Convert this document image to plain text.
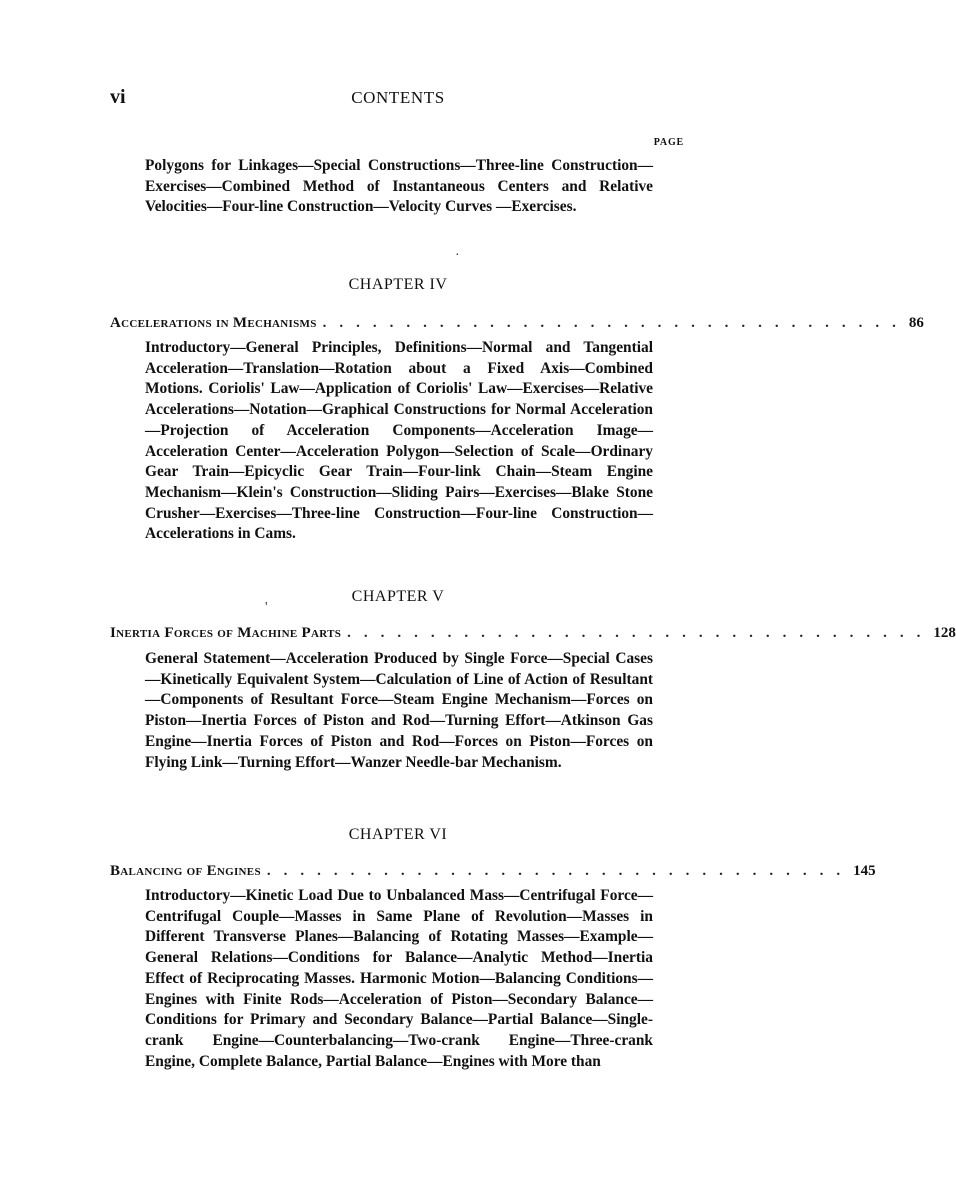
vi	CONTENTS
PAGE
Polygons for Linkages—Special Constructions—Three-line Construction—Exercises—Combined Method of Instantaneous Centers and Relative Velocities—Four-line Construction—Velocity Curves —Exercises.
·
CHAPTER IV
Accelerations in Mechanisms ................................... 86
Introductory—General Principles, Definitions—Normal and Tangential Acceleration—Translation—Rotation about a Fixed Axis—Combined Motions. Coriolis' Law—Application of Coriolis' Law—Exercises—Relative Accelerations—Notation—Graphical Constructions for Normal Acceleration—Projection of Acceleration Components—Acceleration Image—Acceleration Center—Acceleration Polygon—Selection of Scale—Ordinary Gear Train—Epicyclic Gear Train—Four-link Chain—Steam Engine Mechanism—Klein's Construction—Sliding Pairs—Exercises—Blake Stone Crusher—Exercises—Three-line Construction—Four-line Construction—Accelerations in Cams.
CHAPTER V
'
Inertia Forces of Machine Parts ................................... 128
General Statement—Acceleration Produced by Single Force—Special Cases—Kinetically Equivalent System—Calculation of Line of Action of Resultant—Components of Resultant Force—Steam Engine Mechanism—Forces on Piston—Inertia Forces of Piston and Rod—Turning Effort—Atkinson Gas Engine—Inertia Forces of Piston and Rod—Forces on Piston—Forces on Flying Link—Turning Effort—Wanzer Needle-bar Mechanism.
CHAPTER VI
Balancing of Engines ................................... 145
Introductory—Kinetic Load Due to Unbalanced Mass—Centrifugal Force—Centrifugal Couple—Masses in Same Plane of Revolution—Masses in Different Transverse Planes—Balancing of Rotating Masses—Example—General Relations—Conditions for Balance—Analytic Method—Inertia Effect of Reciprocating Masses. Harmonic Motion—Balancing Conditions—Engines with Finite Rods—Acceleration of Piston—Secondary Balance—Conditions for Primary and Secondary Balance—Partial Balance—Single-crank Engine—Counterbalancing—Two-crank Engine—Three-crank Engine, Complete Balance, Partial Balance—Engines with More than
